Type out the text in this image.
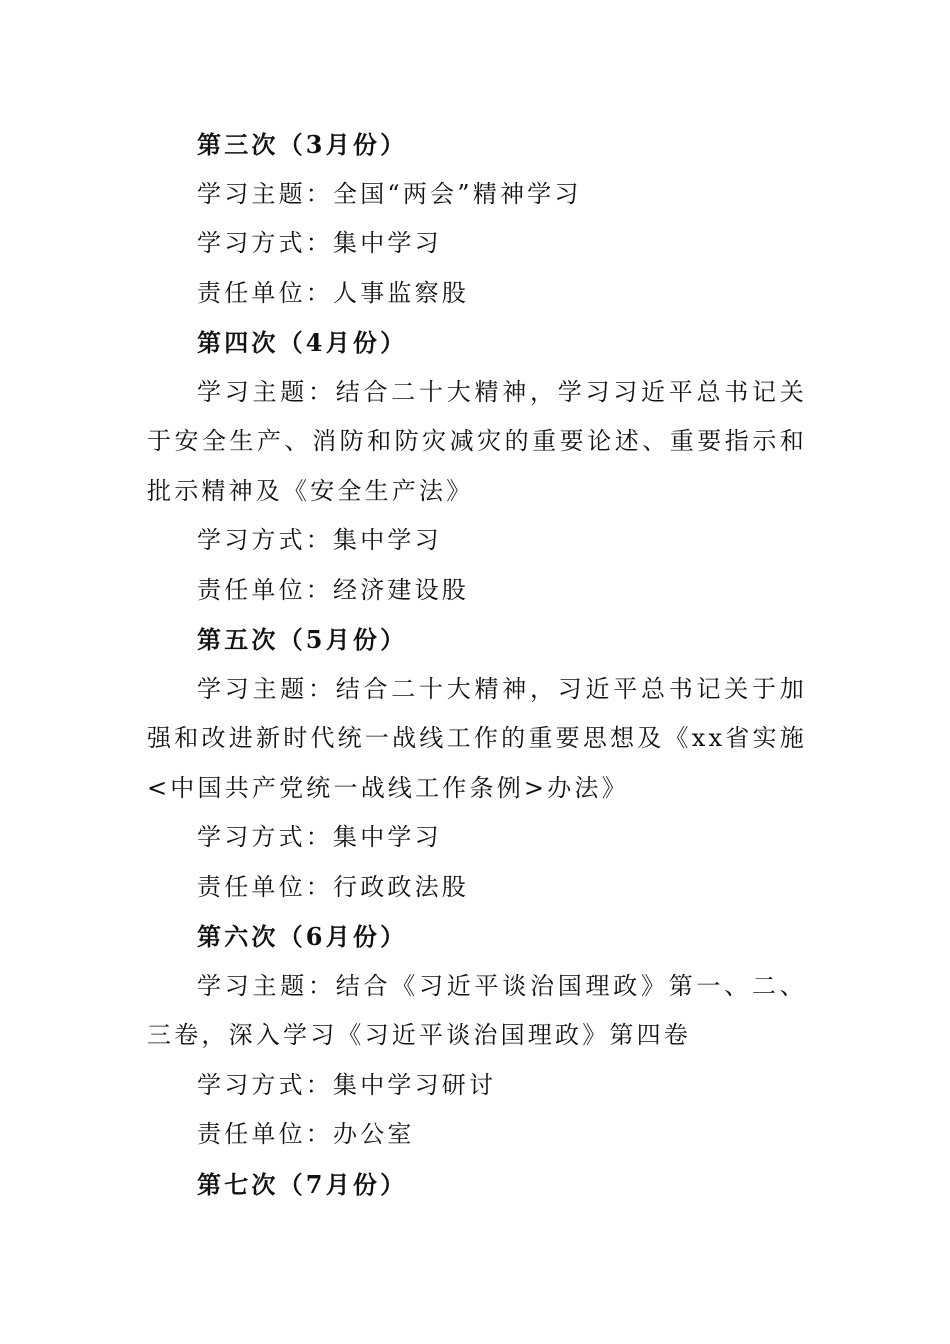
第三次（3月份）
学习主题：全国“两会”精神学习
学习方式：集中学习
责任单位：人事监察股
第四次（4月份）

学习主题：结合二十大精神，学习习近平总书记关于安全生产、消防和防灾减灾的重要论述、重要指示和批示精神及《安全生产法》

学习方式：集中学习
责任单位：经济建设股
第五次（5月份）

学习主题：结合二十大精神，习近平总书记关于加强和改进新时代统一战线工作的重要思想及《xx省实施<中国共产党统一战线工作条例>办法》

学习方式：集中学习
责任单位：行政政法股
第六次（6月份）

学习主题：结合《习近平谈治国理政》第一、二、三卷，深入学习《习近平谈治国理政》第四卷

学习方式：集中学习研讨
责任单位：办公室
第七次（7月份）
